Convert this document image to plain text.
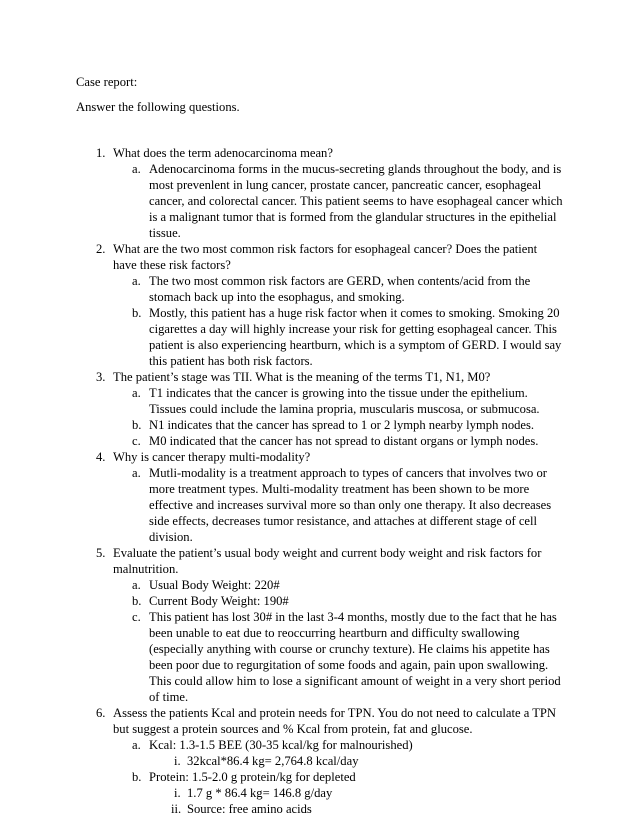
Case report:
Answer the following questions.
1. What does the term adenocarcinoma mean?
a. Adenocarcinoma forms in the mucus-secreting glands throughout the body, and is
most prevenlent in lung cancer, prostate cancer, pancreatic cancer, esophageal
cancer, and colorectal cancer. This patient seems to have esophageal cancer which
is a malignant tumor that is formed from the glandular structures in the epithelial
tissue.
2. What are the two most common risk factors for esophageal cancer? Does the patient
have these risk factors?
a. The two most common risk factors are GERD, when contents/acid from the
stomach back up into the esophagus, and smoking.
b. Mostly, this patient has a huge risk factor when it comes to smoking. Smoking 20
cigarettes a day will highly increase your risk for getting esophageal cancer. This
patient is also experiencing heartburn, which is a symptom of GERD. I would say
this patient has both risk factors.
3. The patient’s stage was TII. What is the meaning of the terms T1, N1, M0?
a. T1 indicates that the cancer is growing into the tissue under the epithelium.
Tissues could include the lamina propria, muscularis muscosa, or submucosa.
b. N1 indicates that the cancer has spread to 1 or 2 lymph nearby lymph nodes.
c. M0 indicated that the cancer has not spread to distant organs or lymph nodes.
4. Why is cancer therapy multi-modality?
a. Mutli-modality is a treatment approach to types of cancers that involves two or
more treatment types. Multi-modality treatment has been shown to be more
effective and increases survival more so than only one therapy. It also decreases
side effects, decreases tumor resistance, and attaches at different stage of cell
division.
5. Evaluate the patient’s usual body weight and current body weight and risk factors for
malnutrition.
a. Usual Body Weight: 220#
b. Current Body Weight: 190#
c. This patient has lost 30# in the last 3-4 months, mostly due to the fact that he has
been unable to eat due to reoccurring heartburn and difficulty swallowing
(especially anything with course or crunchy texture). He claims his appetite has
been poor due to regurgitation of some foods and again, pain upon swallowing.
This could allow him to lose a significant amount of weight in a very short period
of time.
6. Assess the patients Kcal and protein needs for TPN. You do not need to calculate a TPN
but suggest a protein sources and % Kcal from protein, fat and glucose.
a. Kcal: 1.3-1.5 BEE (30-35 kcal/kg for malnourished)
i. 32kcal*86.4 kg= 2,764.8 kcal/day
b. Protein: 1.5-2.0 g protein/kg for depleted
i. 1.7 g * 86.4 kg= 146.8 g/day
ii. Source: free amino acids
